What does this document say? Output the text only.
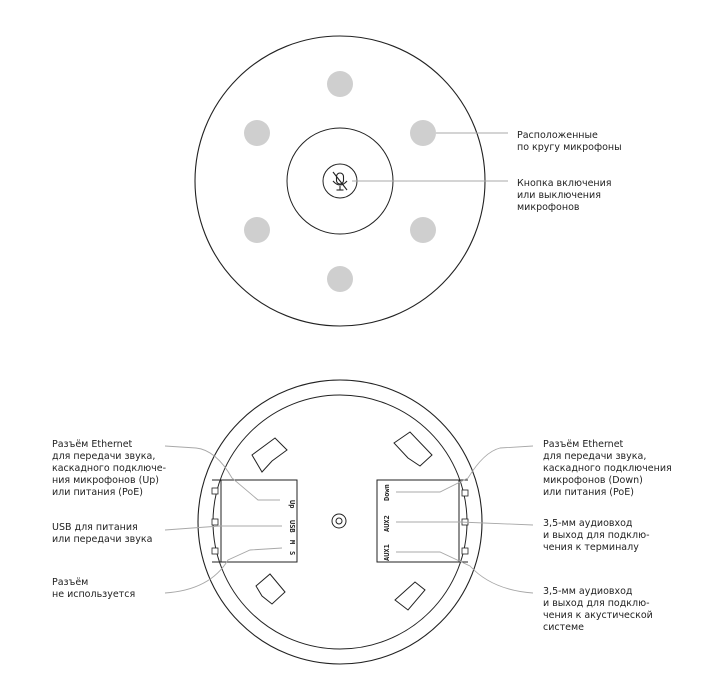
Расположенные
по кругу микрофоны
Кнопка включения
или выключения
микрофонов
Up
USB
M
S
Down
AUX2
AUX1
Разъём Ethernet
для передачи звука,
каскадного подключе-
ния микрофонов (Up)
или питания (PoE)
USB для питания
или передачи звука
Разъём
не используется
Разъём Ethernet
для передачи звука,
каскадного подключения
микрофонов (Down)
или питания (PoE)
3,5-мм аудиовход
и выход для подклю-
чения к терминалу
3,5-мм аудиовход
и выход для подклю-
чения к акустической
системе
